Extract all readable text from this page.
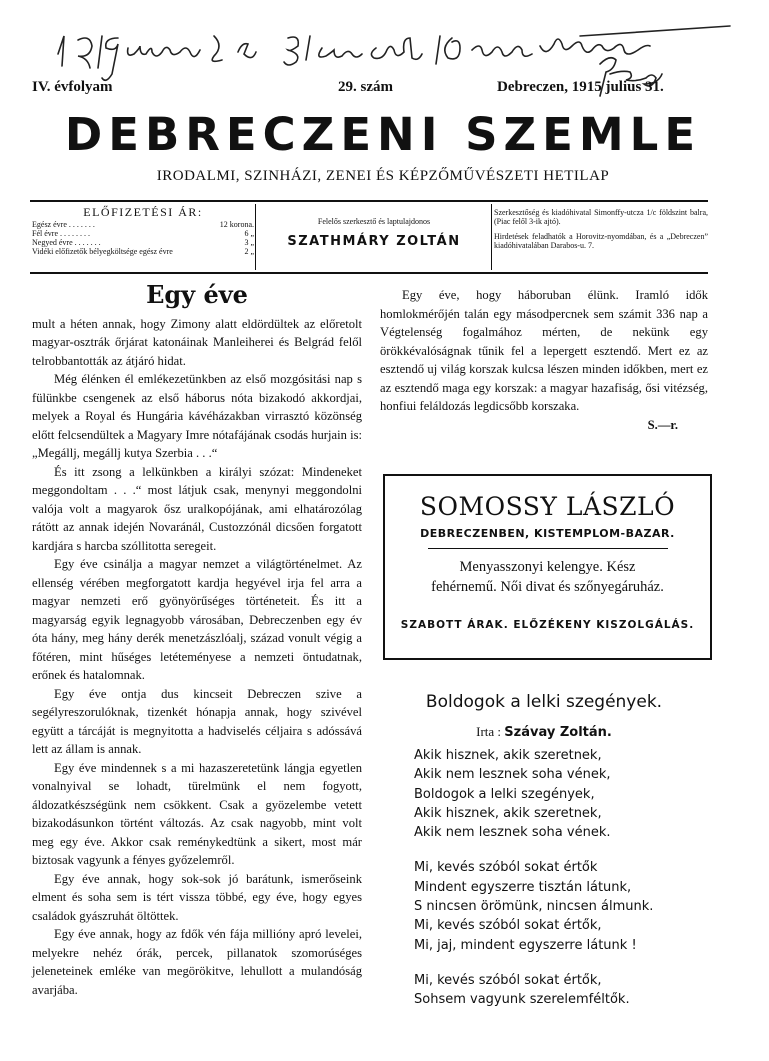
IV. évfolyam	29. szám	Debreczen, 1915 julius 31.
DEBRECZENI SZEMLE
IRODALMI, SZINHÁZI, ZENEI ÉS KÉPZŐMŰVÉSZETI HETILAP
ELŐFIZETÉSI ÁR:
Egész évre . . . . . . .	12 korona.
Fél évre . . . . . . . .	6 „
Negyed évre . . . . . . .	3 „
Vidéki előfizetők bélyegköltsége egész évre	2 „
Felelős szerkesztő és laptulajdonos
SZATHMÁRY ZOLTÁN

Szerkesztőség és kiadóhivatal Simonffy-utcza 1/c földszint balra, (Piac felől 3-ik ajtó).

Hirdetések feladhatók a Horovitz-nyomdában, és a „Debreczen” kiadóhivatalában Darabos-u. 7.

Egy éve

mult a héten annak, hogy Zimony alatt eldördültek az előretolt magyar-osztrák őrjárat katonáinak Manleiherei és Belgrád felől telrobbantották az átjáró hidat.

Még élénken él emlékezetünkben az első mozgósitási nap s fülünkbe csengenek az első háborus nóta bizakodó akkordjai, melyek a Royal és Hungária kávéházakban virrasztó közönség előtt felcsendültek a Magyary Imre nótafájának csodás hurjain is: „Megállj, megállj kutya Szerbia . . .“

És itt zsong a lelkünkben a királyi szózat: Mindeneket meggondoltam . . .“ most látjuk csak, menynyi meggondolni valója volt a magyarok ősz uralkopójának, ami elhatározólag rátött az annak idején Novaránál, Custozzónál dicsően forgatott kardjára s harcba szóllitotta seregeit.

Egy éve csinálja a magyar nemzet a világtörténelmet. Az ellenség vérében megforgatott kardja hegyével irja fel arra a magyar nemzeti erő gyönyörűséges történeteit. És itt a magyarság egyik legnagyobb városában, Debreczenben egy év óta hány, meg hány derék menetzászlóalj, század vonult végig a főtéren, mint hűséges letéteményese a nemzeti öntudatnak, erőnek és hatalomnak.

Egy éve ontja dus kincseit Debreczen szive a segélyreszorulóknak, tizenkét hónapja annak, hogy szivével együtt a tárcáját is megnyitotta a hadviselés céljaira s adóssává lett az állam is annak.

Egy éve mindennek s a mi hazaszeretetünk lángja egyetlen vonalnyival se lohadt, türelmünk el nem fogyott, áldozatkészségünk nem csökkent. Csak a gyözelembe vetett bizakodásunkon történt változás. Az csak nagyobb, mint volt meg egy éve. Akkor csak reménykedtünk a sikert, most már biztosak vagyunk a fényes győzelemről.

Egy éve annak, hogy sok-sok jó barátunk, ismerőseink elment és soha sem is tért vissza többé, egy éve, hogy egyes családok gyászruhát öltöttek.

Egy éve annak, hogy az fdők vén fája millióny apró levelei, melyekre nehéz órák, percek, pillanatok szomorúséges jeleneteinek emléke van megörökitve, lehullott a mulandóság avarjába.

Egy éve, hogy háboruban élünk. Iramló idők homlokmérőjén talán egy másodpercnek sem számit 336 nap a Végtelenség fogalmához mérten, de nekünk egy örökkévalóságnak tűnik fel a lepergett esztendő. Mert ez az esztendő uj világ korszak kulcsa lészen minden időkben, mert ez az esztendő maga egy korszak: a magyar hazafiság, ősi vitézség, honfiui feláldozás legdicsőbb korszaka.

S.—r.

SOMOSSY LÁSZLÓ
DEBRECZENBEN, KISTEMPLOM-BAZAR.
Menyasszonyi kelengye. Kész fehérnemű. Női divat és szőnyegáruház.
SZABOTT ÁRAK. ELŐZÉKENY KISZOLGÁLÁS.
Boldogok a lelki szegények.
Irta : Szávay Zoltán.
Akik hisznek, akik szeretnek,
Akik nem lesznek soha vének,
Boldogok a lelki szegények,
Akik hisznek, akik szeretnek,
Akik nem lesznek soha vének.
Mi, kevés szóból sokat értők
Mindent egyszerre tisztán látunk,
S nincsen örömünk, nincsen álmunk.
Mi, kevés szóból sokat értők,
Mi, jaj, mindent egyszerre látunk !
Mi, kevés szóból sokat értők,
Sohsem vagyunk szerelemféltők.
